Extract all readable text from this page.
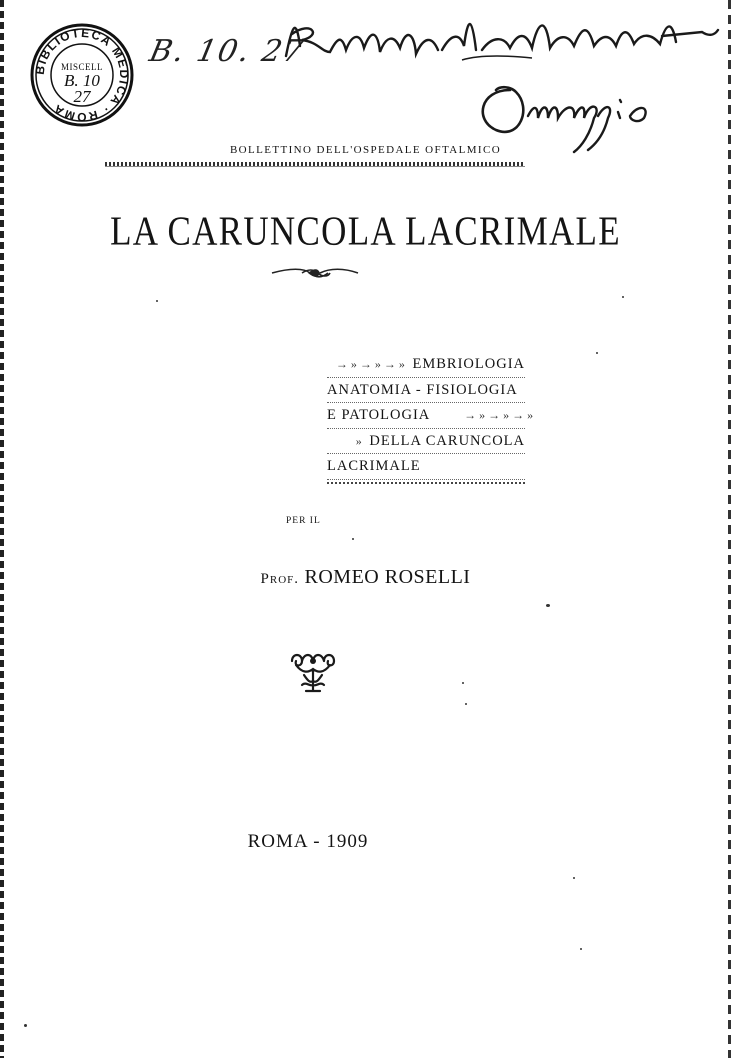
BIBLIOTECA MEDICA · ROMA
MISCELL
B. 10
27
B. 10. 27
BOLLETTINO DELL'OSPEDALE OFTALMICO
LA CARUNCOLA LACRIMALE
→»→»→» EMBRIOLOGIA
ANATOMIA - FISIOLOGIA
E PATOLOGIA	→»→»→»
» DELLA CARUNCOLA
LACRIMALE
PER IL
Prof. ROMEO ROSELLI
ROMA - 1909
